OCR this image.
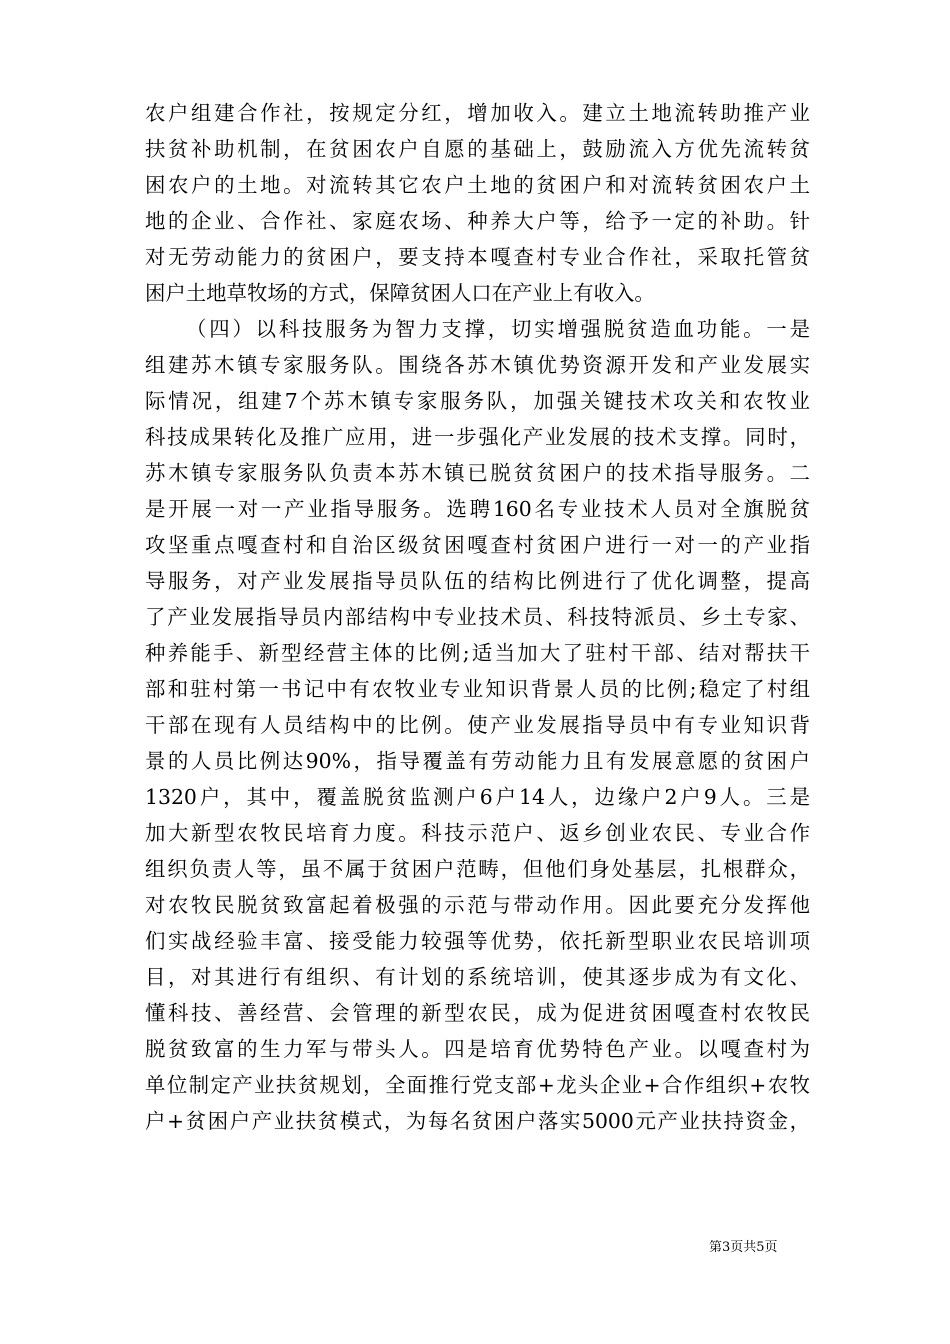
农户组建合作社，按规定分红，增加收入。建立土地流转助推产业
扶贫补助机制，在贫困农户自愿的基础上，鼓励流入方优先流转贫
困农户的土地。对流转其它农户土地的贫困户和对流转贫困农户土
地的企业、合作社、家庭农场、种养大户等，给予一定的补助。针
对无劳动能力的贫困户，要支持本嘎查村专业合作社，采取托管贫
困户土地草牧场的方式，保障贫困人口在产业上有收入。
（四）以科技服务为智力支撑，切实增强脱贫造血功能。一是
组建苏木镇专家服务队。围绕各苏木镇优势资源开发和产业发展实
际情况，组建7个苏木镇专家服务队，加强关键技术攻关和农牧业
科技成果转化及推广应用，进一步强化产业发展的技术支撑。同时，
苏木镇专家服务队负责本苏木镇已脱贫贫困户的技术指导服务。二
是开展一对一产业指导服务。选聘160名专业技术人员对全旗脱贫
攻坚重点嘎查村和自治区级贫困嘎查村贫困户进行一对一的产业指
导服务，对产业发展指导员队伍的结构比例进行了优化调整，提高
了产业发展指导员内部结构中专业技术员、科技特派员、乡土专家、
种养能手、新型经营主体的比例;适当加大了驻村干部、结对帮扶干
部和驻村第一书记中有农牧业专业知识背景人员的比例;稳定了村组
干部在现有人员结构中的比例。使产业发展指导员中有专业知识背
景的人员比例达90%，指导覆盖有劳动能力且有发展意愿的贫困户
1320户，其中，覆盖脱贫监测户6户14人，边缘户2户9人。三是
加大新型农牧民培育力度。科技示范户、返乡创业农民、专业合作
组织负责人等，虽不属于贫困户范畴，但他们身处基层，扎根群众，
对农牧民脱贫致富起着极强的示范与带动作用。因此要充分发挥他
们实战经验丰富、接受能力较强等优势，依托新型职业农民培训项
目，对其进行有组织、有计划的系统培训，使其逐步成为有文化、
懂科技、善经营、会管理的新型农民，成为促进贫困嘎查村农牧民
脱贫致富的生力军与带头人。四是培育优势特色产业。以嘎查村为
单位制定产业扶贫规划，全面推行党支部+龙头企业+合作组织+农牧
户+贫困户产业扶贫模式，为每名贫困户落实5000元产业扶持资金，
第3页共5页
